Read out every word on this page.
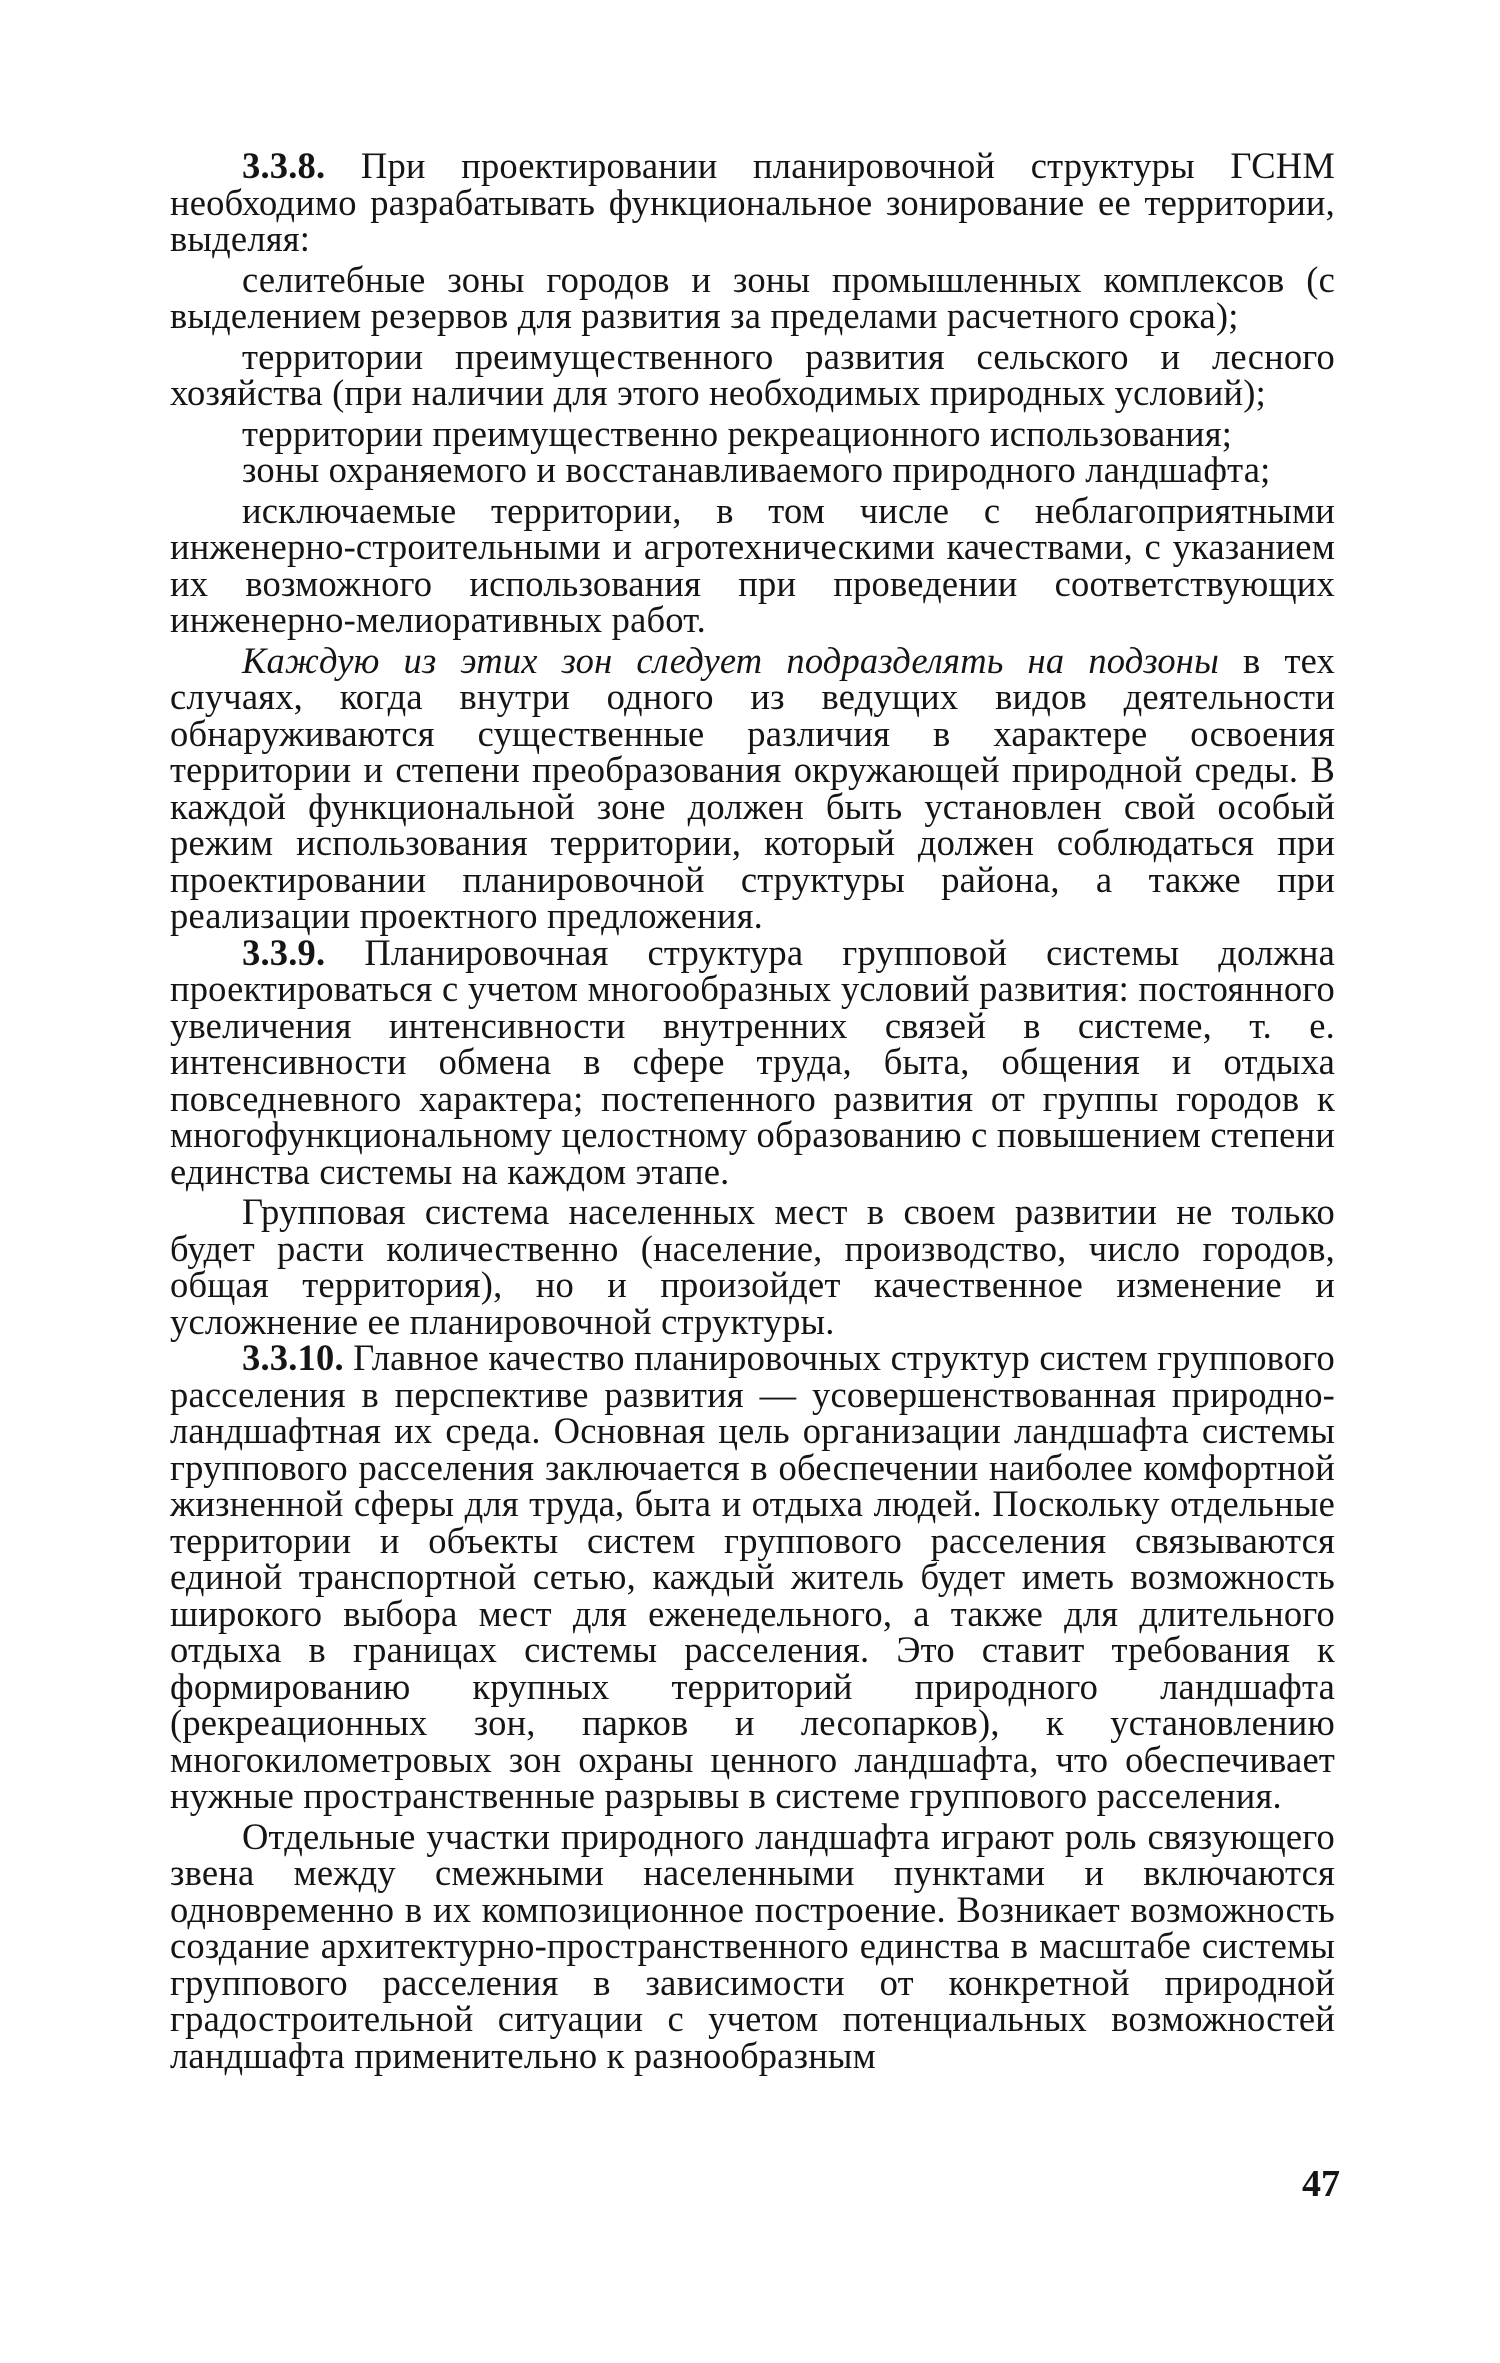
3.3.8. При проектировании планировочной структуры ГСНМ необходимо разрабатывать функциональное зонирование ее территории, выделяя:

селитебные зоны городов и зоны промышленных комплексов (с выделением резервов для развития за пределами расчетного срока);

территории преимущественного развития сельского и лесного хозяйства (при наличии для этого необходимых природных условий);

территории преимущественно рекреационного использования;

зоны охраняемого и восстанавливаемого природного ландшафта;

исключаемые территории, в том числе с неблагоприятными инженерно-строительными и агротехническими качествами, с указанием их возможного использования при проведении соответствующих инженерно-мелиоративных работ.

Каждую из этих зон следует подразделять на подзоны в тех случаях, когда внутри одного из ведущих видов деятельности обнаруживаются существенные различия в характере освоения территории и степени преобразования окружающей природной среды. В каждой функциональной зоне должен быть установлен свой особый режим использования территории, который должен соблюдаться при проектировании планировочной структуры района, а также при реализации проектного предложения.

3.3.9. Планировочная структура групповой системы должна проектироваться с учетом многообразных условий развития: постоянного увеличения интенсивности внутренних связей в системе, т. е. интенсивности обмена в сфере труда, быта, общения и отдыха повседневного характера; постепенного развития от группы городов к многофункциональному целостному образованию с повышением степени единства системы на каждом этапе.

Групповая система населенных мест в своем развитии не только будет расти количественно (население, производство, число городов, общая территория), но и произойдет качественное изменение и усложнение ее планировочной структуры.

3.3.10. Главное качество планировочных структур систем группового расселения в перспективе развития — усовершенствованная природно-ландшафтная их среда. Основная цель организации ландшафта системы группового расселения заключается в обеспечении наиболее комфортной жизненной сферы для труда, быта и отдыха людей. Поскольку отдельные территории и объекты систем группового расселения связываются единой транспортной сетью, каждый житель будет иметь возможность широкого выбора мест для еженедельного, а также для длительного отдыха в границах системы расселения. Это ставит требования к формированию крупных территорий природного ландшафта (рекреационных зон, парков и лесопарков), к установлению многокилометровых зон охраны ценного ландшафта, что обеспечивает нужные пространственные разрывы в системе группового расселения.

Отдельные участки природного ландшафта играют роль связующего звена между смежными населенными пунктами и включаются одновременно в их композиционное построение. Возникает возможность создание архитектурно-пространственного единства в масштабе системы группового расселения в зависимости от конкретной природной градостроительной ситуации с учетом потенциальных возможностей ландшафта применительно к разнообразным

47
